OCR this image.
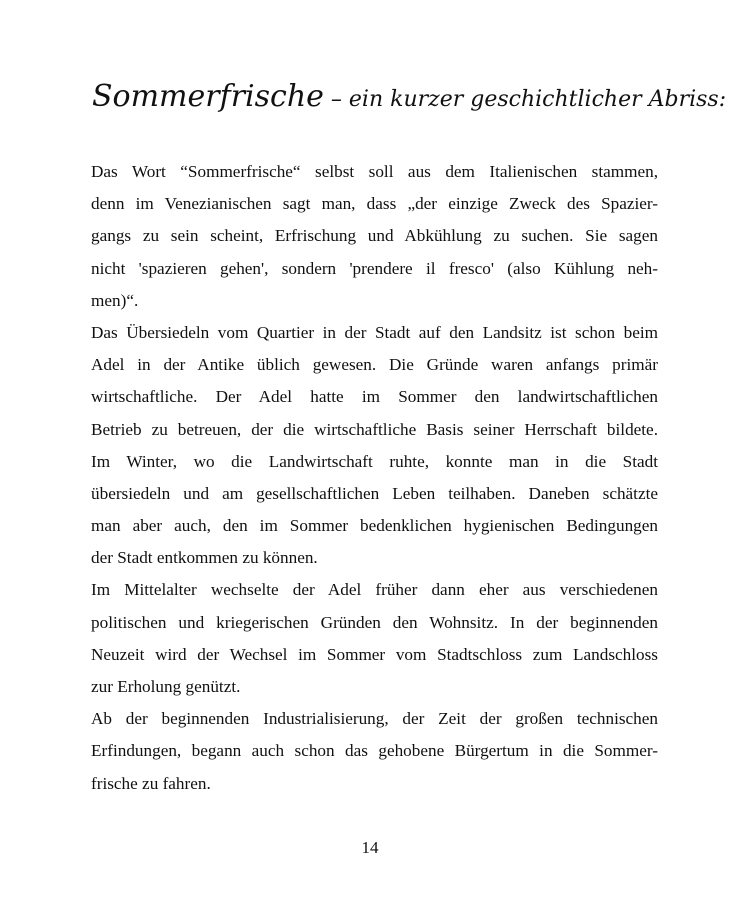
Sommerfrische – ein kurzer geschichtlicher Abriss:
Das Wort “Sommerfrische“ selbst soll aus dem Italienischen stammen,
denn im Venezianischen sagt man, dass „der einzige Zweck des Spazier-
gangs zu sein scheint, Erfrischung und Abkühlung zu suchen. Sie sagen
nicht 'spazieren gehen', sondern 'prendere il fresco' (also Kühlung neh-
men)“.
Das Übersiedeln vom Quartier in der Stadt auf den Landsitz ist schon beim
Adel in der Antike üblich gewesen. Die Gründe waren anfangs primär
wirtschaftliche. Der Adel hatte im Sommer den landwirtschaftlichen
Betrieb zu betreuen, der die wirtschaftliche Basis seiner Herrschaft bildete.
Im Winter, wo die Landwirtschaft ruhte, konnte man in die Stadt
übersiedeln und am gesellschaftlichen Leben teilhaben. Daneben schätzte
man aber auch, den im Sommer bedenklichen hygienischen Bedingungen
der Stadt entkommen zu können.
Im Mittelalter wechselte der Adel früher dann eher aus verschiedenen
politischen und kriegerischen Gründen den Wohnsitz. In der beginnenden
Neuzeit wird der Wechsel im Sommer vom Stadtschloss zum Landschloss
zur Erholung genützt.
Ab der beginnenden Industrialisierung, der Zeit der großen technischen
Erfindungen, begann auch schon das gehobene Bürgertum in die Sommer-
frische zu fahren.
14
